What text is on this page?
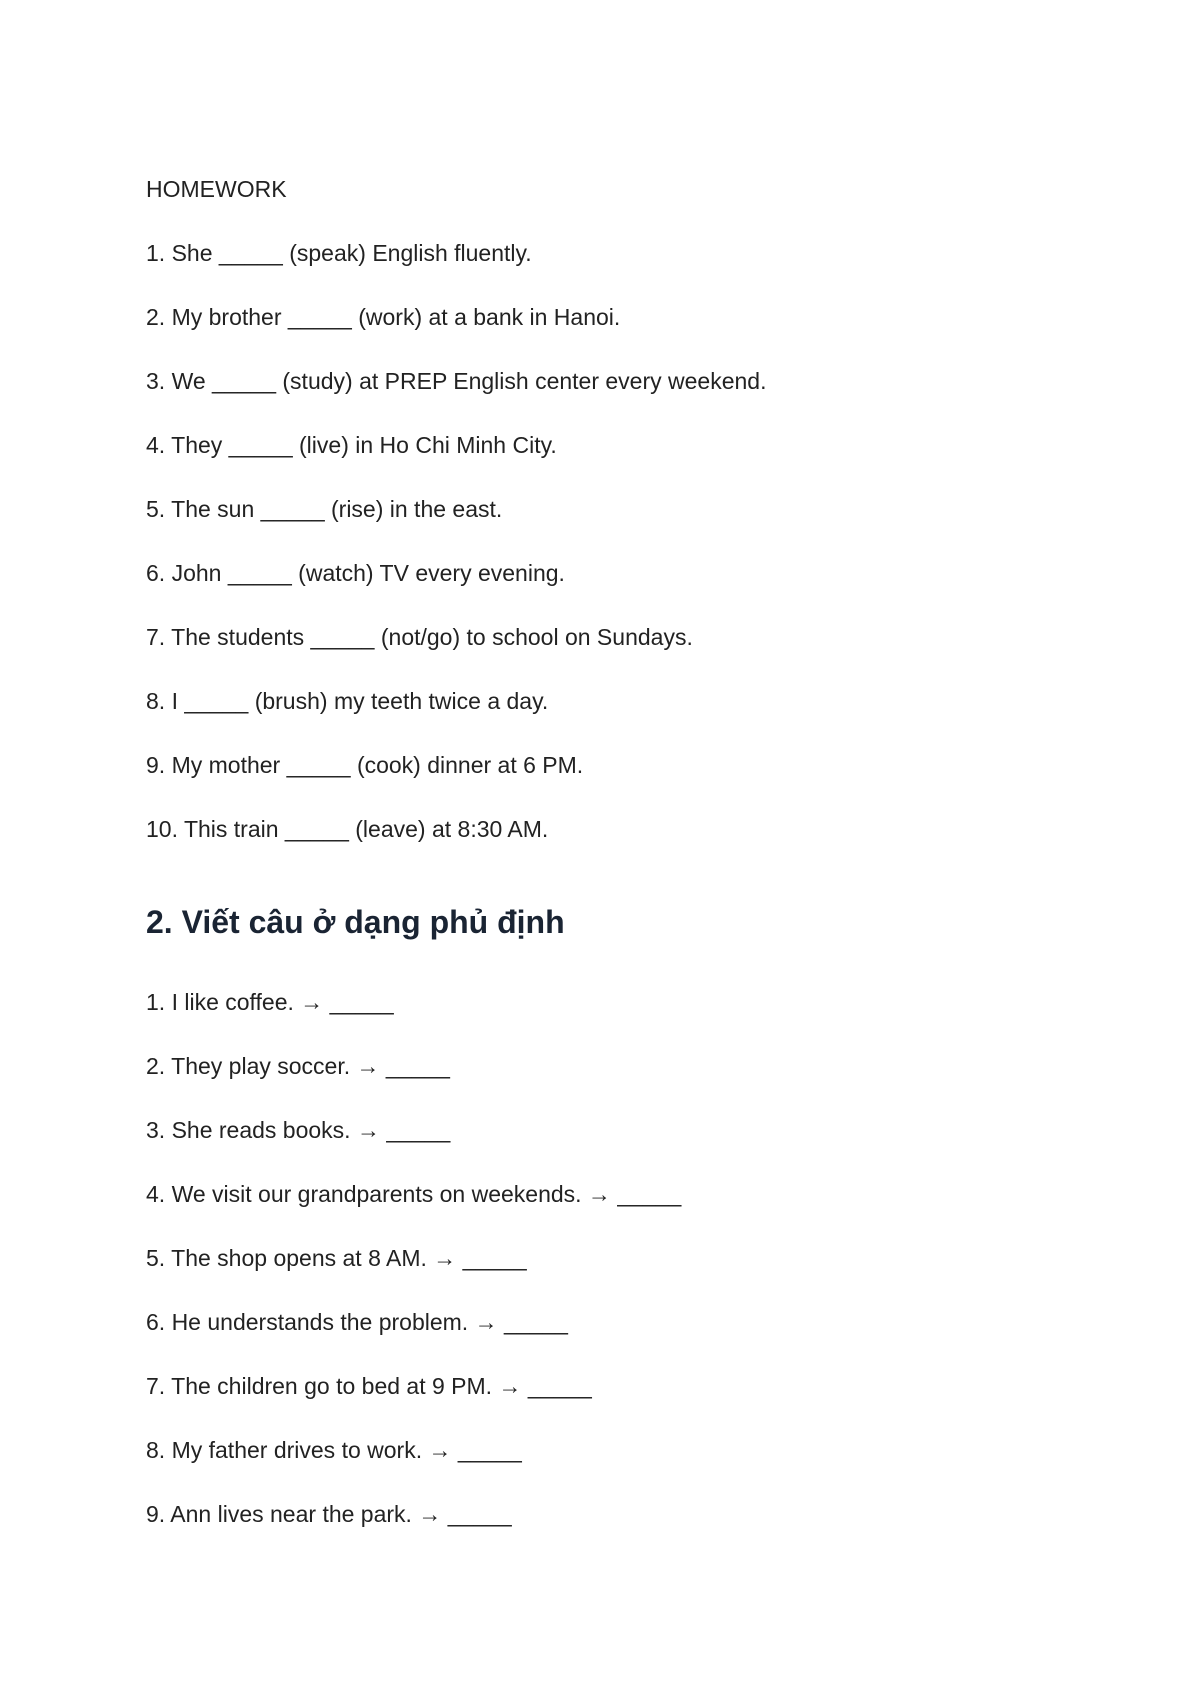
HOMEWORK
1. She _____ (speak) English fluently.
2. My brother _____ (work) at a bank in Hanoi.
3. We _____ (study) at PREP English center every weekend.
4. They _____ (live) in Ho Chi Minh City.
5. The sun _____ (rise) in the east.
6. John _____ (watch) TV every evening.
7. The students _____ (not/go) to school on Sundays.
8. I _____ (brush) my teeth twice a day.
9. My mother _____ (cook) dinner at 6 PM.
10. This train _____ (leave) at 8:30 AM.
2. Viết câu ở dạng phủ định
1. I like coffee. → _____
2. They play soccer. → _____
3. She reads books. → _____
4. We visit our grandparents on weekends. → _____
5. The shop opens at 8 AM. → _____
6. He understands the problem. → _____
7. The children go to bed at 9 PM. → _____
8. My father drives to work. → _____
9. Ann lives near the park. → _____
